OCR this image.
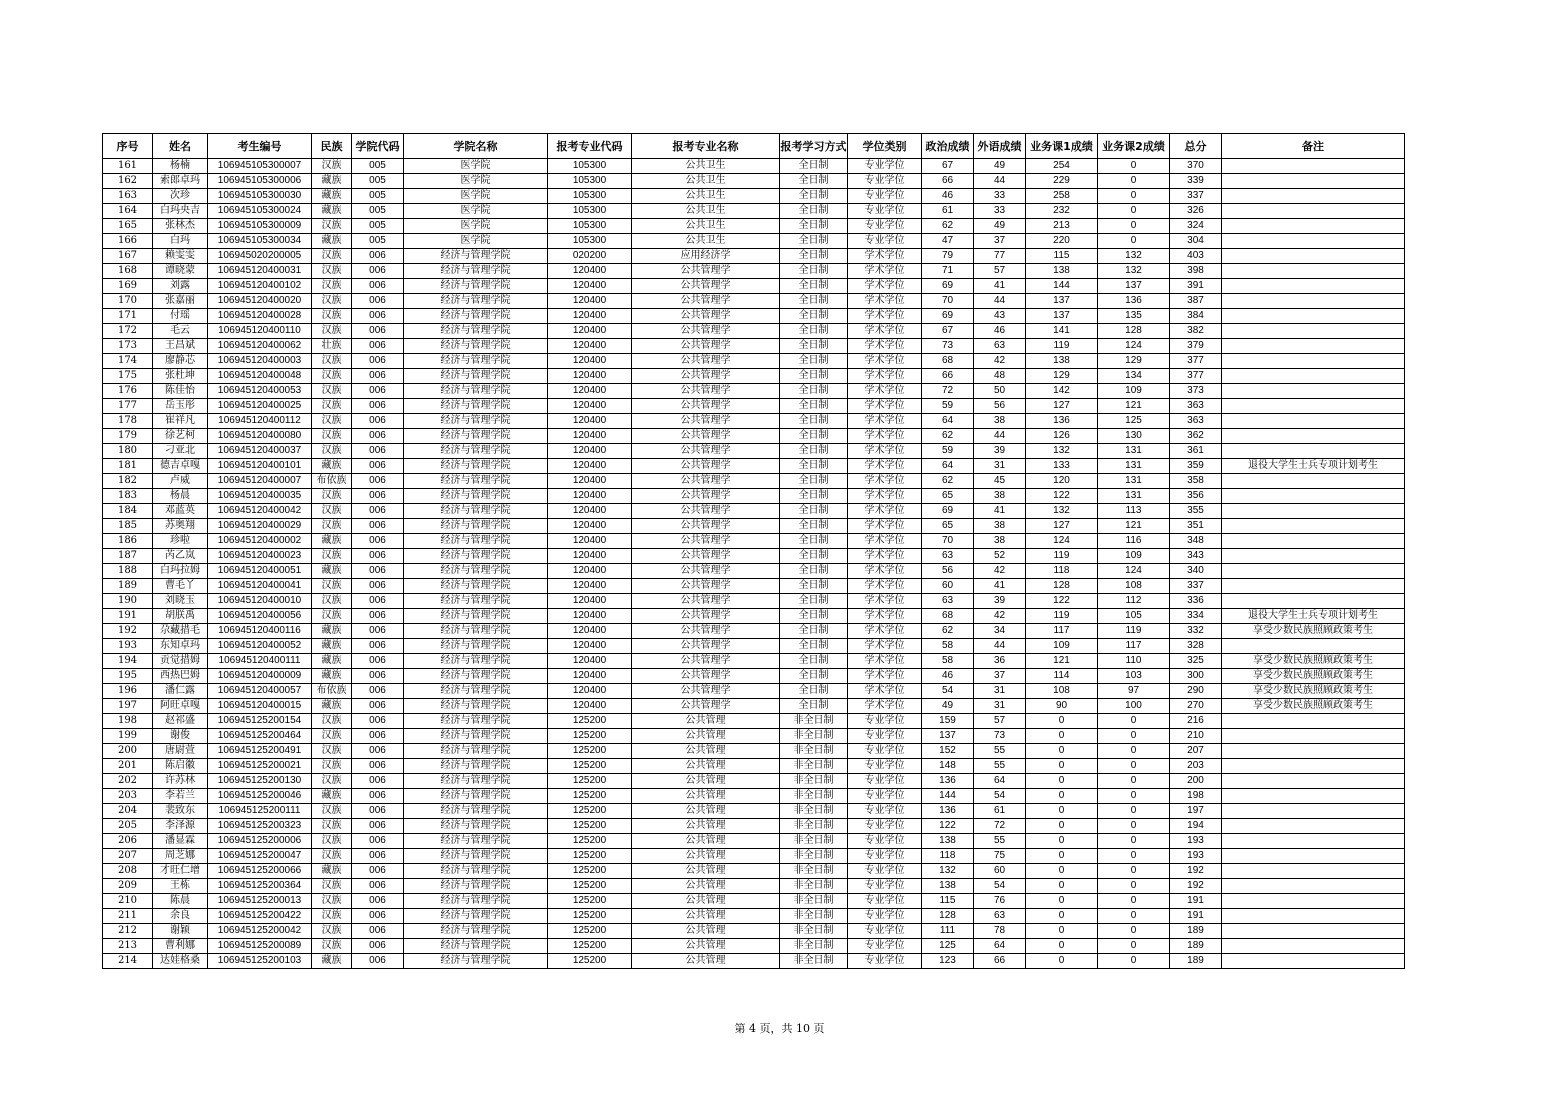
序号	姓名	考生编号	民族	学院代码	学院名称	报考专业代码	报考专业名称	报考学习方式	学位类别	政治成绩	外语成绩	业务课1成绩	业务课2成绩	总分	备注
161	杨楠	106945105300007	汉族	005	医学院	105300	公共卫生	全日制	专业学位	67	49	254	0	370	
162	索郎卓玛	106945105300006	藏族	005	医学院	105300	公共卫生	全日制	专业学位	66	44	229	0	339	
163	次珍	106945105300030	藏族	005	医学院	105300	公共卫生	全日制	专业学位	46	33	258	0	337	
164	白玛央吉	106945105300024	藏族	005	医学院	105300	公共卫生	全日制	专业学位	61	33	232	0	326	
165	张林杰	106945105300009	汉族	005	医学院	105300	公共卫生	全日制	专业学位	62	49	213	0	324	
166	白玛	106945105300034	藏族	005	医学院	105300	公共卫生	全日制	专业学位	47	37	220	0	304	
167	赖雯雯	106945020200005	汉族	006	经济与管理学院	020200	应用经济学	全日制	学术学位	79	77	115	132	403	
168	谭晓蒙	106945120400031	汉族	006	经济与管理学院	120400	公共管理学	全日制	学术学位	71	57	138	132	398	
169	刘露	106945120400102	汉族	006	经济与管理学院	120400	公共管理学	全日制	学术学位	69	41	144	137	391	
170	张嘉丽	106945120400020	汉族	006	经济与管理学院	120400	公共管理学	全日制	学术学位	70	44	137	136	387	
171	付瑶	106945120400028	汉族	006	经济与管理学院	120400	公共管理学	全日制	学术学位	69	43	137	135	384	
172	毛云	106945120400110	汉族	006	经济与管理学院	120400	公共管理学	全日制	学术学位	67	46	141	128	382	
173	王昌斌	106945120400062	壮族	006	经济与管理学院	120400	公共管理学	全日制	学术学位	73	63	119	124	379	
174	廖静芯	106945120400003	汉族	006	经济与管理学院	120400	公共管理学	全日制	学术学位	68	42	138	129	377	
175	张杜坤	106945120400048	汉族	006	经济与管理学院	120400	公共管理学	全日制	学术学位	66	48	129	134	377	
176	陈佳怡	106945120400053	汉族	006	经济与管理学院	120400	公共管理学	全日制	学术学位	72	50	142	109	373	
177	岳玉彤	106945120400025	汉族	006	经济与管理学院	120400	公共管理学	全日制	学术学位	59	56	127	121	363	
178	崔祥凡	106945120400112	汉族	006	经济与管理学院	120400	公共管理学	全日制	学术学位	64	38	136	125	363	
179	徐艺柯	106945120400080	汉族	006	经济与管理学院	120400	公共管理学	全日制	学术学位	62	44	126	130	362	
180	刁亚北	106945120400037	汉族	006	经济与管理学院	120400	公共管理学	全日制	学术学位	59	39	132	131	361	
181	德吉卓嘎	106945120400101	藏族	006	经济与管理学院	120400	公共管理学	全日制	学术学位	64	31	133	131	359	退役大学生士兵专项计划考生
182	卢威	106945120400007	布依族	006	经济与管理学院	120400	公共管理学	全日制	学术学位	62	45	120	131	358	
183	杨晨	106945120400035	汉族	006	经济与管理学院	120400	公共管理学	全日制	学术学位	65	38	122	131	356	
184	邓蓝英	106945120400042	汉族	006	经济与管理学院	120400	公共管理学	全日制	学术学位	69	41	132	113	355	
185	苏奥翔	106945120400029	汉族	006	经济与管理学院	120400	公共管理学	全日制	学术学位	65	38	127	121	351	
186	珍啦	106945120400002	藏族	006	经济与管理学院	120400	公共管理学	全日制	学术学位	70	38	124	116	348	
187	芮乙岚	106945120400023	汉族	006	经济与管理学院	120400	公共管理学	全日制	学术学位	63	52	119	109	343	
188	白玛拉姆	106945120400051	藏族	006	经济与管理学院	120400	公共管理学	全日制	学术学位	56	42	118	124	340	
189	曹毛丫	106945120400041	汉族	006	经济与管理学院	120400	公共管理学	全日制	学术学位	60	41	128	108	337	
190	刘晓玉	106945120400010	汉族	006	经济与管理学院	120400	公共管理学	全日制	学术学位	63	39	122	112	336	
191	胡朕禹	106945120400056	汉族	006	经济与管理学院	120400	公共管理学	全日制	学术学位	68	42	119	105	334	退役大学生士兵专项计划考生
192	尕藏措毛	106945120400116	藏族	006	经济与管理学院	120400	公共管理学	全日制	学术学位	62	34	117	119	332	享受少数民族照顾政策考生
193	东知卓玛	106945120400052	藏族	006	经济与管理学院	120400	公共管理学	全日制	学术学位	58	44	109	117	328	
194	贡觉措姆	106945120400111	藏族	006	经济与管理学院	120400	公共管理学	全日制	学术学位	58	36	121	110	325	享受少数民族照顾政策考生
195	西热巴姆	106945120400009	藏族	006	经济与管理学院	120400	公共管理学	全日制	学术学位	46	37	114	103	300	享受少数民族照顾政策考生
196	潘仁露	106945120400057	布依族	006	经济与管理学院	120400	公共管理学	全日制	学术学位	54	31	108	97	290	享受少数民族照顾政策考生
197	阿旺卓嘎	106945120400015	藏族	006	经济与管理学院	120400	公共管理学	全日制	学术学位	49	31	90	100	270	享受少数民族照顾政策考生
198	赵祁盛	106945125200154	汉族	006	经济与管理学院	125200	公共管理	非全日制	专业学位	159	57	0	0	216	
199	谢俊	106945125200464	汉族	006	经济与管理学院	125200	公共管理	非全日制	专业学位	137	73	0	0	210	
200	唐尉萱	106945125200491	汉族	006	经济与管理学院	125200	公共管理	非全日制	专业学位	152	55	0	0	207	
201	陈启徽	106945125200021	汉族	006	经济与管理学院	125200	公共管理	非全日制	专业学位	148	55	0	0	203	
202	许苏林	106945125200130	汉族	006	经济与管理学院	125200	公共管理	非全日制	专业学位	136	64	0	0	200	
203	李若兰	106945125200046	藏族	006	经济与管理学院	125200	公共管理	非全日制	专业学位	144	54	0	0	198	
204	裴致东	106945125200111	汉族	006	经济与管理学院	125200	公共管理	非全日制	专业学位	136	61	0	0	197	
205	李泽源	106945125200323	汉族	006	经济与管理学院	125200	公共管理	非全日制	专业学位	122	72	0	0	194	
206	潘显霖	106945125200006	汉族	006	经济与管理学院	125200	公共管理	非全日制	专业学位	138	55	0	0	193	
207	周芝娜	106945125200047	汉族	006	经济与管理学院	125200	公共管理	非全日制	专业学位	118	75	0	0	193	
208	才旺仁增	106945125200066	藏族	006	经济与管理学院	125200	公共管理	非全日制	专业学位	132	60	0	0	192	
209	王栋	106945125200364	汉族	006	经济与管理学院	125200	公共管理	非全日制	专业学位	138	54	0	0	192	
210	陈晨	106945125200013	汉族	006	经济与管理学院	125200	公共管理	非全日制	专业学位	115	76	0	0	191	
211	余良	106945125200422	汉族	006	经济与管理学院	125200	公共管理	非全日制	专业学位	128	63	0	0	191	
212	谢颖	106945125200042	汉族	006	经济与管理学院	125200	公共管理	非全日制	专业学位	111	78	0	0	189	
213	曹利娜	106945125200089	汉族	006	经济与管理学院	125200	公共管理	非全日制	专业学位	125	64	0	0	189	
214	达娃格桑	106945125200103	藏族	006	经济与管理学院	125200	公共管理	非全日制	专业学位	123	66	0	0	189	
第 4 页，共 10 页
